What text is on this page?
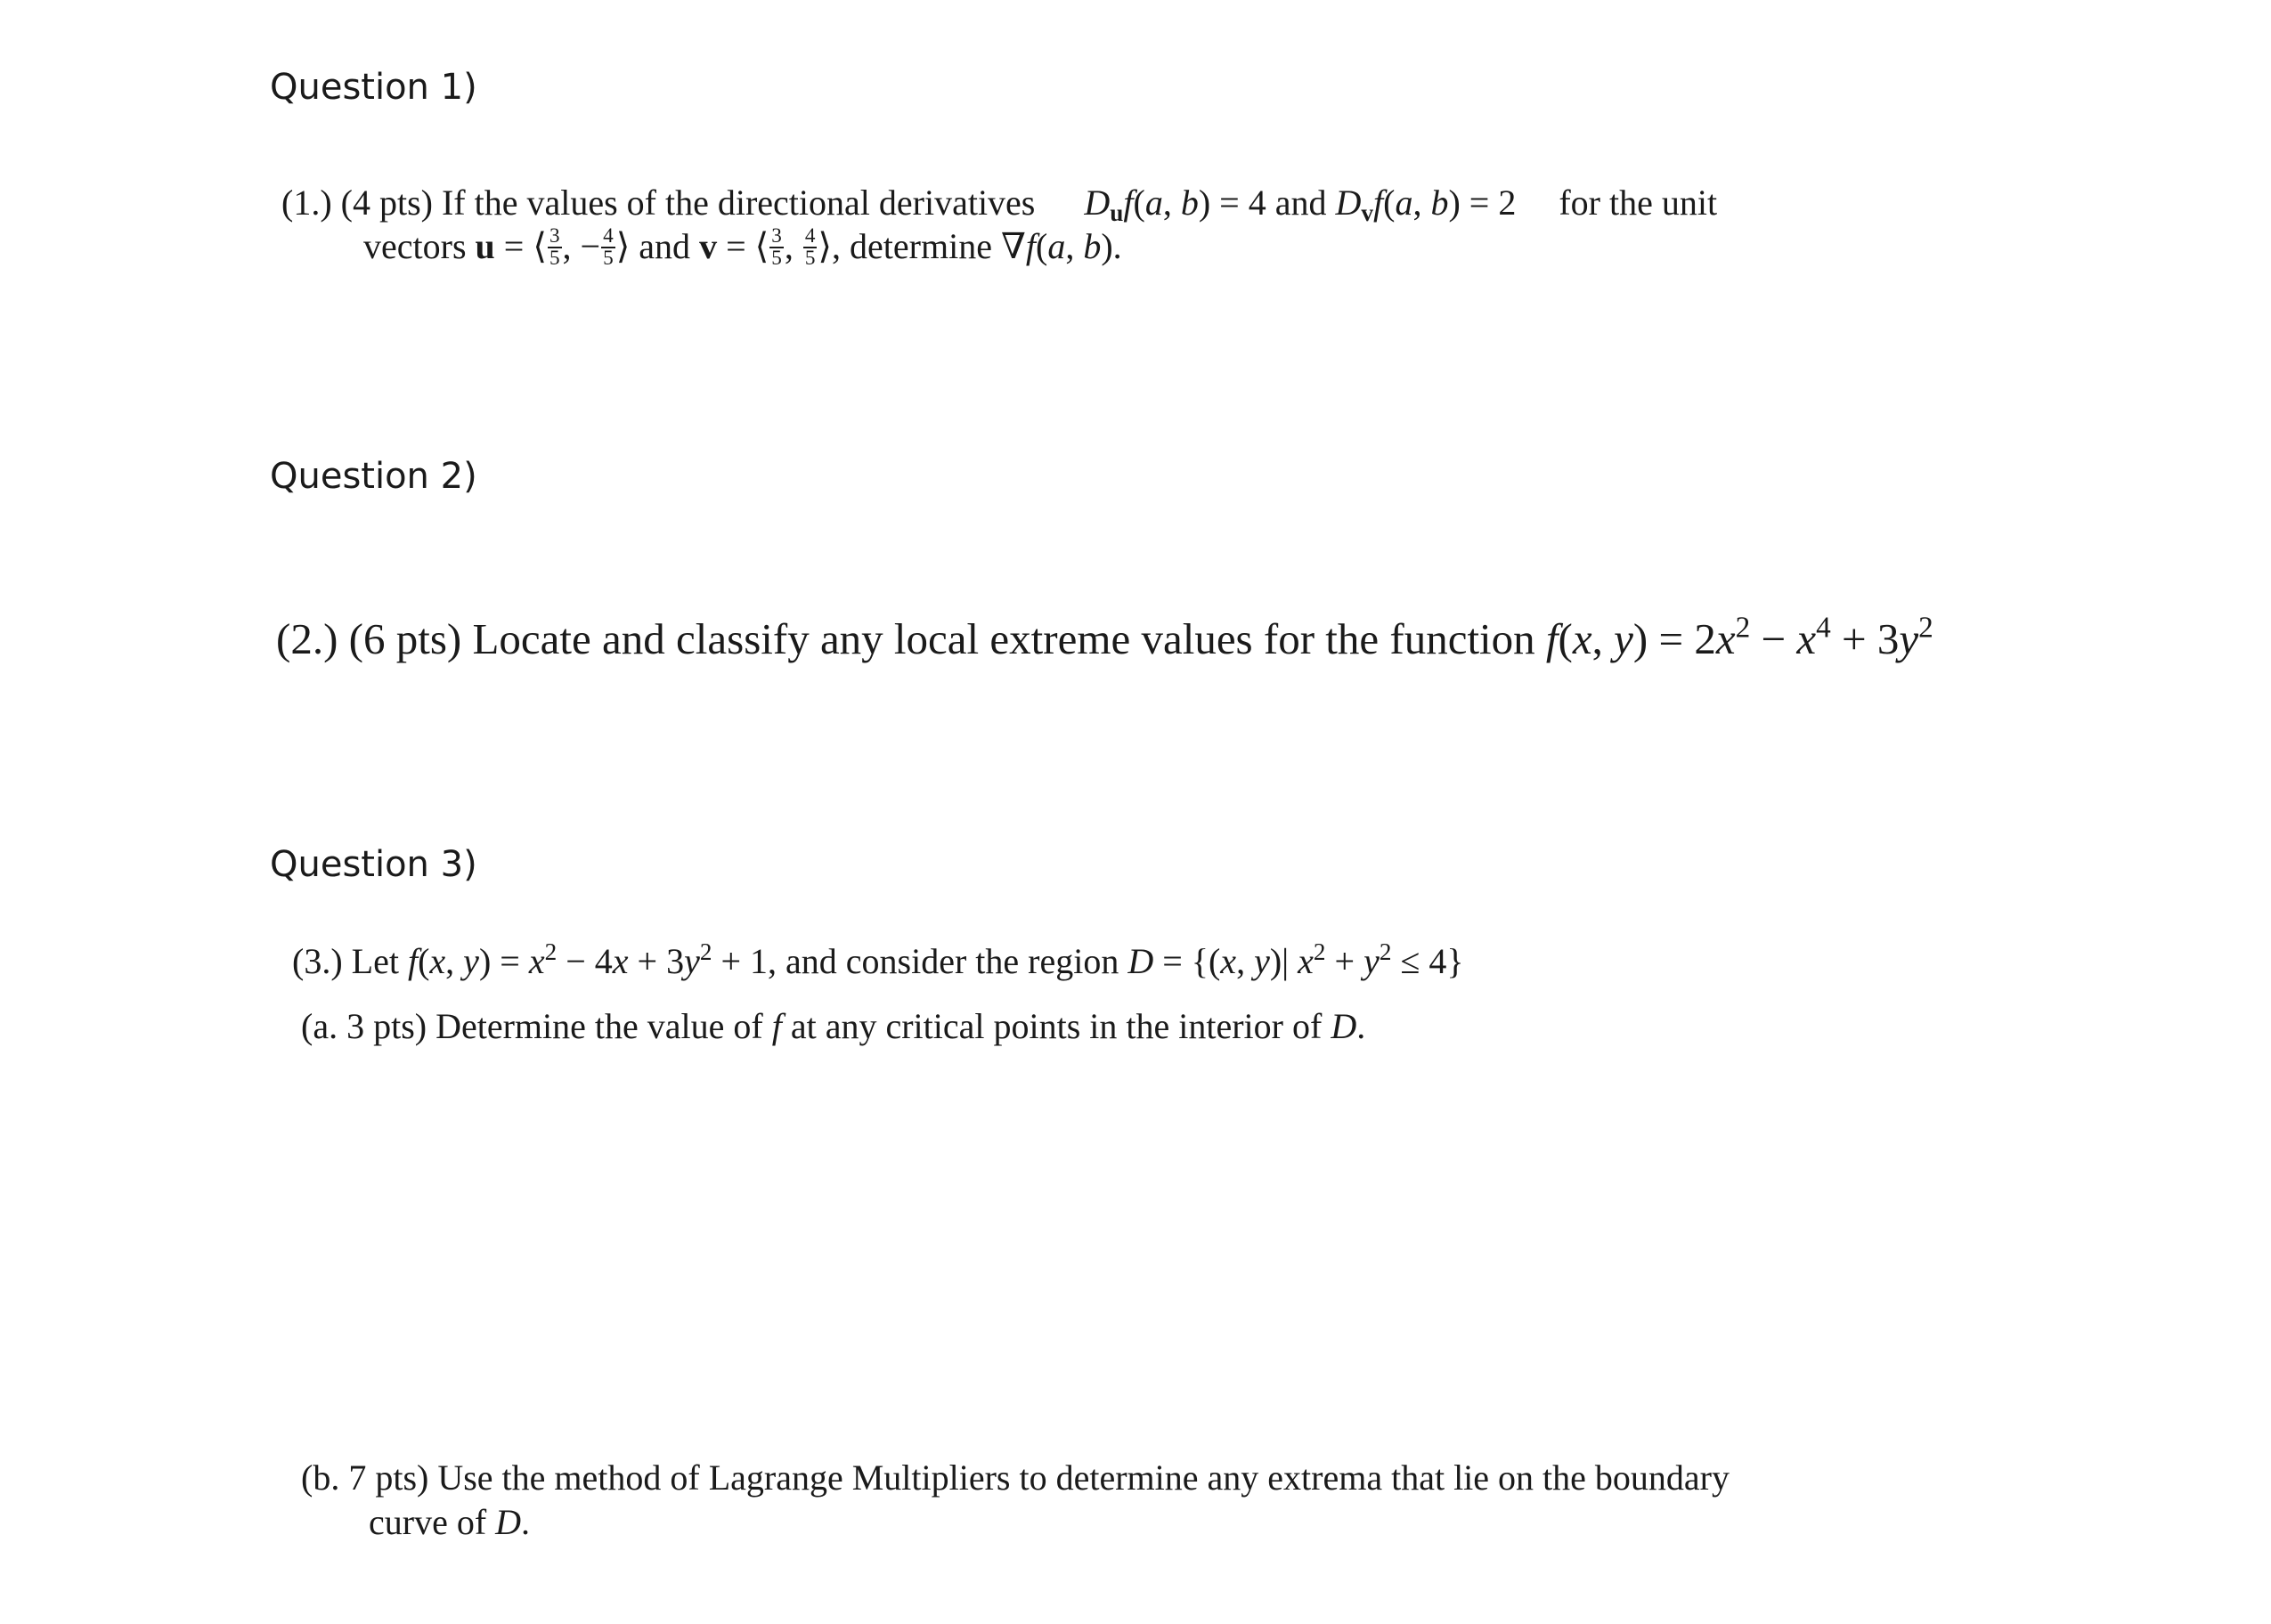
Question 1)
(1.) (4 pts) If the values of the directional derivatives $D_uf(a$, b) = 4 and $D_vf(a$, b) = 2 for the unit
vectors u = ⟨ $\frac{3}{5}$ , − $\frac{4}{5}$ ⟩ and v = ⟨ $\frac{3}{5}$ , $\frac{4}{5}$ ⟩, determine ∇f(a, b).
Question 2)
(2.) (6 pts) Locate and classify any local extreme values for the function f(x, $y) = 2x^2 - x^4 + 3y^2$
Question 3)
(3.) Let f(x, $y) = x^2 - 4x + 3y^2 + 1$, and consider the region D = {(x, y)| $x^2 + y^2 \le 4$}
(a. 3 pts) Determine the value of f at any critical points in the interior of D.
(b. 7 pts) Use the method of Lagrange Multipliers to determine any extrema that lie on the boundary
curve of D.
